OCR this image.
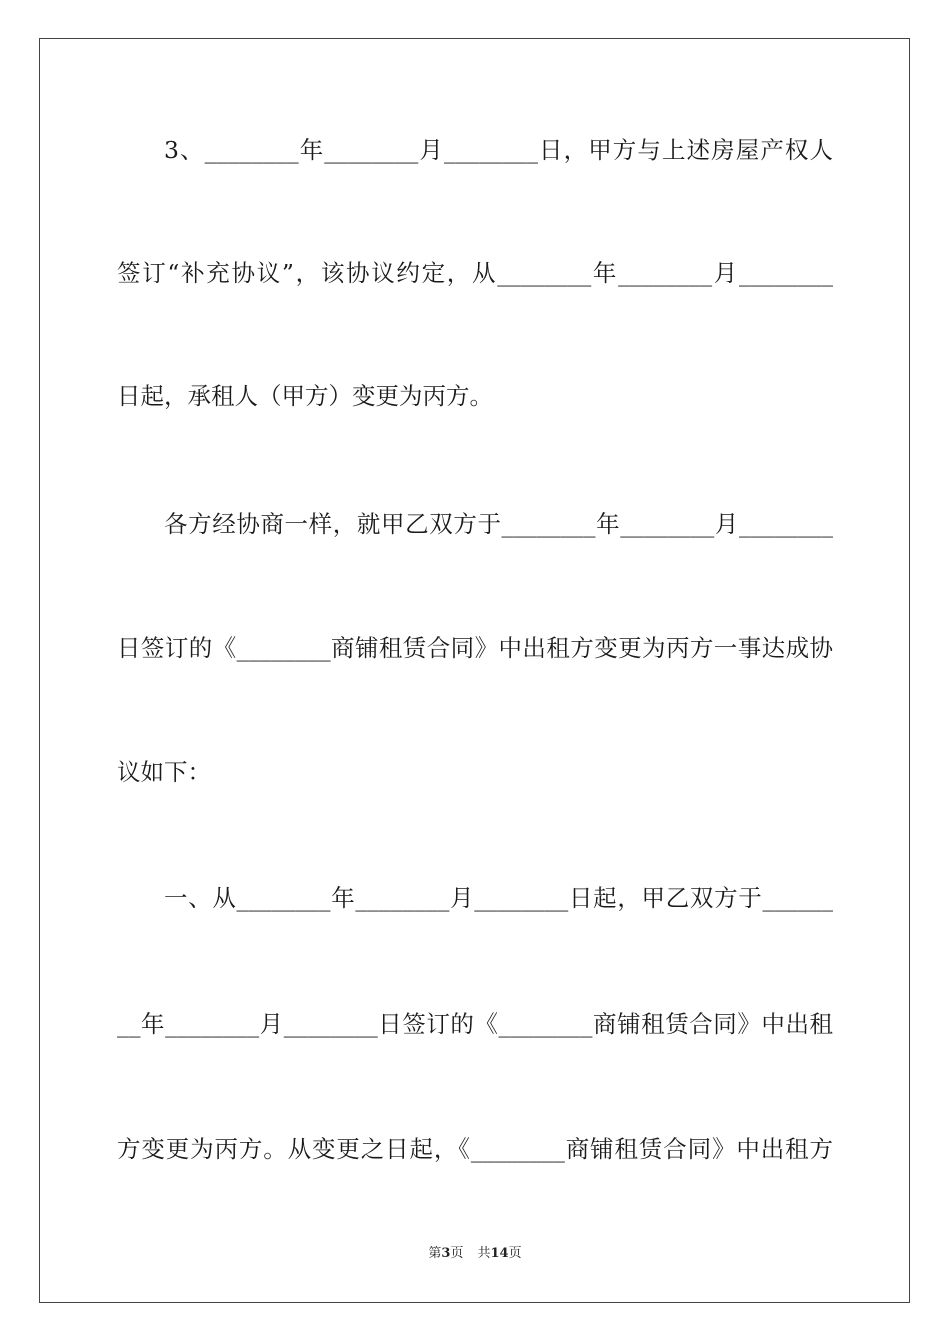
3、________年________月________日，甲方与上述房屋产权人
签订“补充协议”，该协议约定，从________年________月________
日起，承租人（甲方）变更为丙方。
各方经协商一样，就甲乙双方于________年________月________
日签订的《________商铺租赁合同》中出租方变更为丙方一事达成协
议如下：
一、从________年________月________日起，甲乙双方于______
__年________月________日签订的《________商铺租赁合同》中出租
方变更为丙方。从变更之日起，《________商铺租赁合同》中出租方
第3页 共14页
